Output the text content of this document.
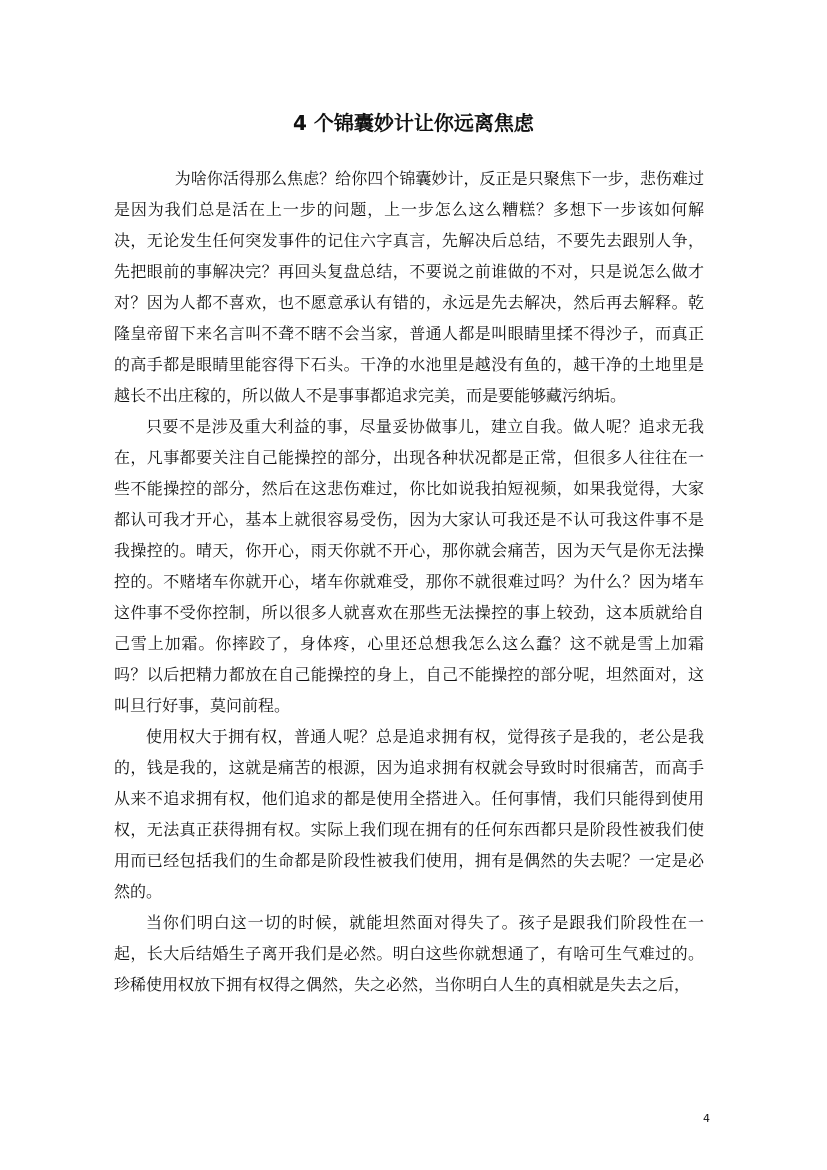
4 个锦囊妙计让你远离焦虑

为啥你活得那么焦虑？给你四个锦囊妙计，反正是只聚焦下一步，悲伤难过是因为我们总是活在上一步的问题，上一步怎么这么糟糕？多想下一步该如何解决，无论发生任何突发事件的记住六字真言，先解决后总结，不要先去跟别人争，先把眼前的事解决完？再回头复盘总结，不要说之前谁做的不对，只是说怎么做才对？因为人都不喜欢，也不愿意承认有错的，永远是先去解决，然后再去解释。乾隆皇帝留下来名言叫不聋不瞎不会当家，普通人都是叫眼睛里揉不得沙子，而真正的高手都是眼睛里能容得下石头。干净的水池里是越没有鱼的，越干净的土地里是越长不出庄稼的，所以做人不是事事都追求完美，而是要能够藏污纳垢。

只要不是涉及重大利益的事，尽量妥协做事儿，建立自我。做人呢？追求无我在，凡事都要关注自己能操控的部分，出现各种状况都是正常，但很多人往往在一些不能操控的部分，然后在这悲伤难过，你比如说我拍短视频，如果我觉得，大家都认可我才开心，基本上就很容易受伤，因为大家认可我还是不认可我这件事不是我操控的。晴天，你开心，雨天你就不开心，那你就会痛苦，因为天气是你无法操控的。不赌堵车你就开心，堵车你就难受，那你不就很难过吗？为什么？因为堵车这件事不受你控制，所以很多人就喜欢在那些无法操控的事上较劲，这本质就给自己雪上加霜。你摔跤了，身体疼，心里还总想我怎么这么蠢？这不就是雪上加霜吗？以后把精力都放在自己能操控的身上，自己不能操控的部分呢，坦然面对，这叫旦行好事，莫问前程。

使用权大于拥有权，普通人呢？总是追求拥有权，觉得孩子是我的，老公是我的，钱是我的，这就是痛苦的根源，因为追求拥有权就会导致时时很痛苦，而高手从来不追求拥有权，他们追求的都是使用全搭进入。任何事情，我们只能得到使用权，无法真正获得拥有权。实际上我们现在拥有的任何东西都只是阶段性被我们使用而已经包括我们的生命都是阶段性被我们使用，拥有是偶然的失去呢？一定是必然的。

当你们明白这一切的时候，就能坦然面对得失了。孩子是跟我们阶段性在一起，长大后结婚生子离开我们是必然。明白这些你就想通了，有啥可生气难过的。珍稀使用权放下拥有权得之偶然，失之必然，当你明白人生的真相就是失去之后，

4
